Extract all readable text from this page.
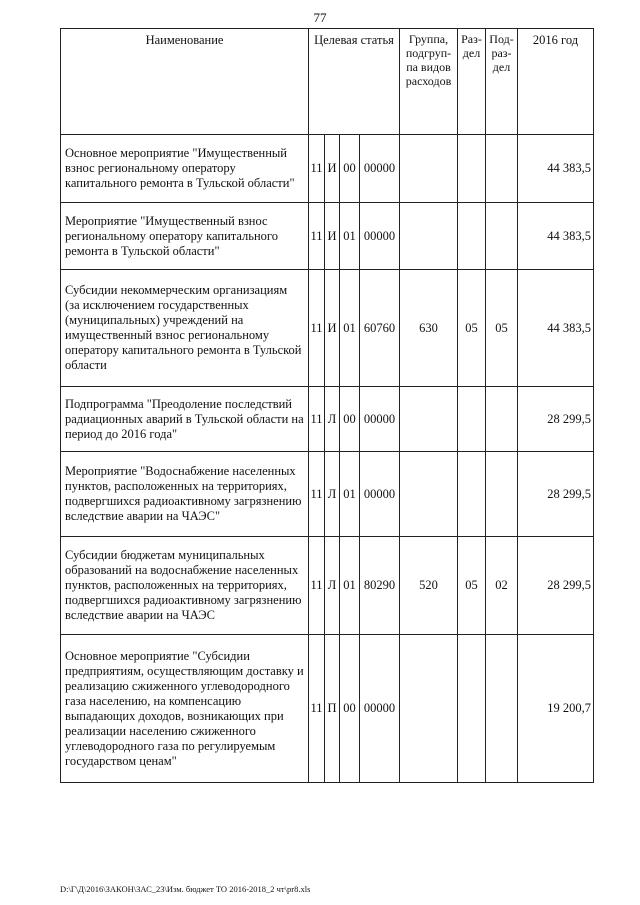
77
Наименование	Целевая статья				Группа, подгруп-па видов расходов	Раз-дел	Под-раз-дел	2016 год
Основное мероприятие "Имущественный взнос региональному оператору капитального ремонта в Тульской области"	11	И	00	00000				44 383,5
Мероприятие "Имущественный взнос региональному оператору капитального ремонта в Тульской области"	11	И	01	00000				44 383,5
Субсидии некоммерческим организациям (за исключением государственных (муниципальных) учреждений на имущественный взнос региональному оператору капитального ремонта в Тульской области	11	И	01	60760	630	05	05	44 383,5
Подпрограмма "Преодоление последствий радиационных аварий в Тульской области на период до 2016 года"	11	Л	00	00000				28 299,5
Мероприятие "Водоснабжение населенных пунктов, расположенных на территориях, подвергшихся радиоактивному загрязнению вследствие аварии на ЧАЭС"	11	Л	01	00000				28 299,5
Субсидии бюджетам муниципальных образований на водоснабжение населенных пунктов, расположенных на территориях, подвергшихся радиоактивному загрязнению вследствие аварии на ЧАЭС	11	Л	01	80290	520	05	02	28 299,5
Основное мероприятие "Субсидии предприятиям, осуществляющим доставку и реализацию сжиженного углеводородного газа населению, на компенсацию выпадающих доходов, возникающих при реализации населению сжиженного углеводородного газа по регулируемым государством ценам"	11	П	00	00000				19 200,7
D:\Г\Д\2016\ЗАКОН\ЗАС_23\Изм. бюджет ТО 2016-2018_2 чт\pr8.xls
